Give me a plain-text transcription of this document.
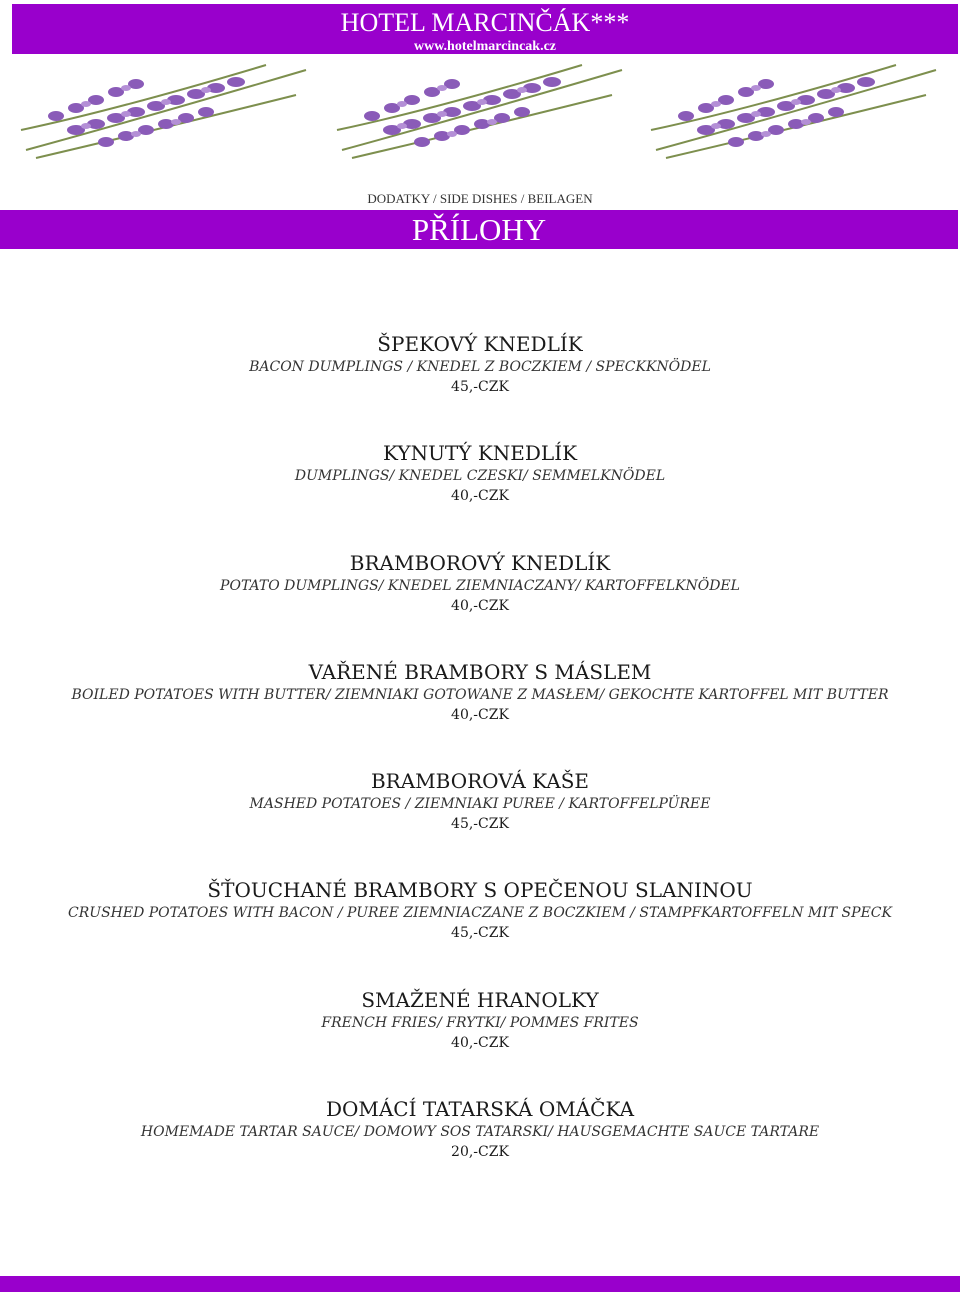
HOTEL MARCINČÁK***
www.hotelmarcincak.cz
DODATKY / SIDE DISHES / BEILAGEN
PŘÍLOHY
ŠPEKOVÝ KNEDLÍK
BACON DUMPLINGS / KNEDEL Z BOCZKIEM / SPECKKNÖDEL
45,-CZK
KYNUTÝ KNEDLÍK
DUMPLINGS/ KNEDEL CZESKI/ SEMMELKNÖDEL
40,-CZK
BRAMBOROVÝ KNEDLÍK
POTATO DUMPLINGS/ KNEDEL ZIEMNIACZANY/ KARTOFFELKNÖDEL
40,-CZK
VAŘENÉ BRAMBORY S MÁSLEM
BOILED POTATOES WITH BUTTER/ ZIEMNIAKI GOTOWANE Z MASŁEM/ GEKOCHTE KARTOFFEL MIT BUTTER
40,-CZK
BRAMBOROVÁ KAŠE
MASHED POTATOES / ZIEMNIAKI PUREE / KARTOFFELPÜREE
45,-CZK
ŠŤOUCHANÉ BRAMBORY S OPEČENOU SLANINOU
CRUSHED POTATOES WITH BACON / PUREE ZIEMNIACZANE Z BOCZKIEM / STAMPFKARTOFFELN MIT SPECK
45,-CZK
SMAŽENÉ HRANOLKY
FRENCH FRIES/ FRYTKI/ POMMES FRITES
40,-CZK
DOMÁCÍ TATARSKÁ OMÁČKA
HOMEMADE TARTAR SAUCE/ DOMOWY SOS TATARSKI/ HAUSGEMACHTE SAUCE TARTARE
20,-CZK
